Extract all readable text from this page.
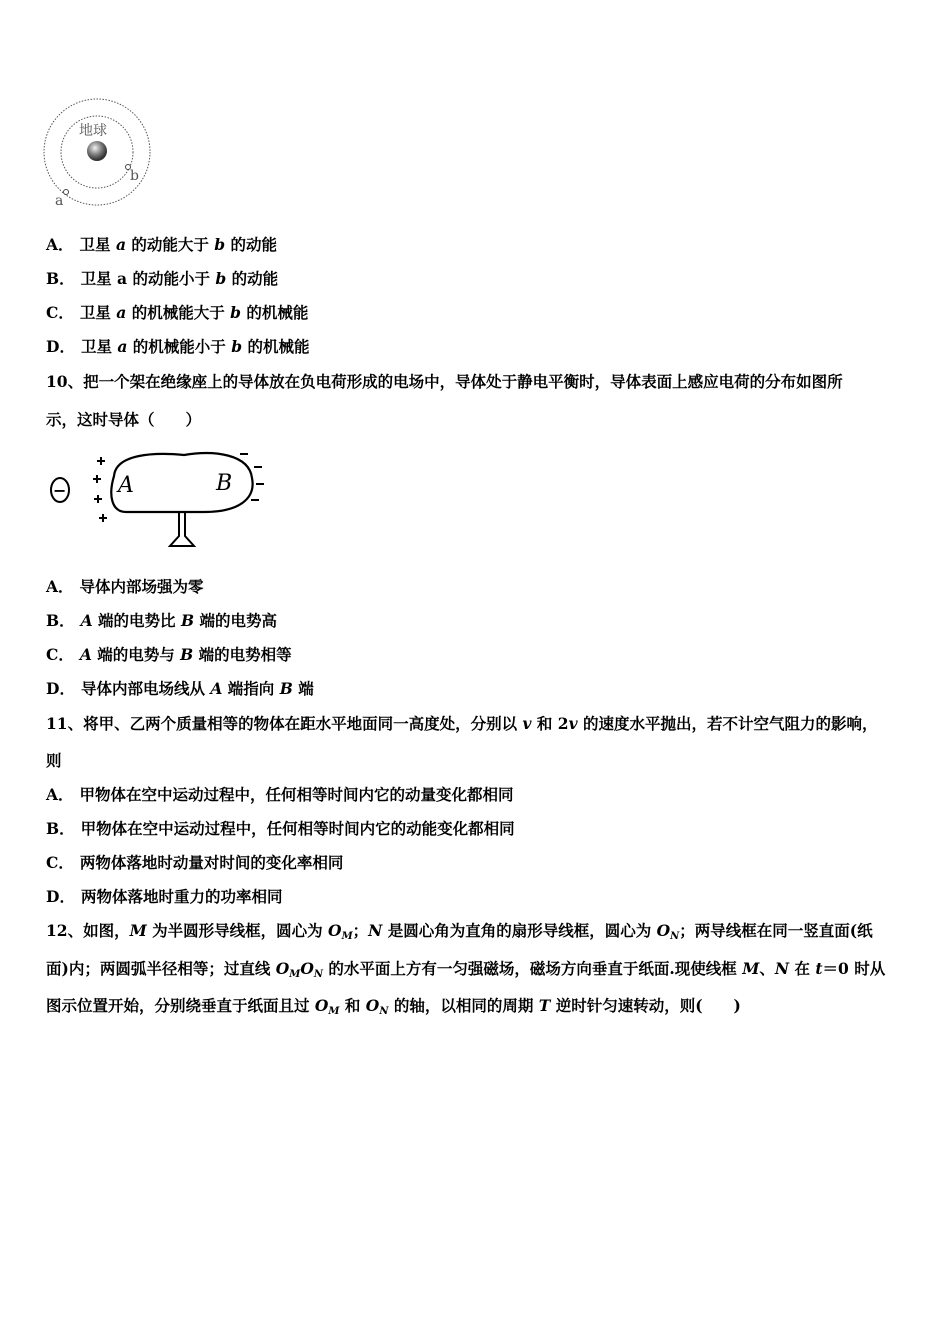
地球
b
a
A． 卫星 a 的动能大于 b 的动能
B． 卫星 a 的动能小于 b 的动能
C． 卫星 a 的机械能大于 b 的机械能
D． 卫星 a 的机械能小于 b 的机械能
10、把一个架在绝缘座上的导体放在负电荷形成的电场中，导体处于静电平衡时，导体表面上感应电荷的分布如图所
示，这时导体（　　）
− A	B
A． 导体内部场强为零
B． A 端的电势比 B 端的电势高
C． A 端的电势与 B 端的电势相等
D． 导体内部电场线从 A 端指向 B 端
11、将甲、乙两个质量相等的物体在距水平地面同一高度处，分别以 v 和 2v 的速度水平抛出，若不计空气阻力的影响，
则
A． 甲物体在空中运动过程中，任何相等时间内它的动量变化都相同
B． 甲物体在空中运动过程中，任何相等时间内它的动能变化都相同
C． 两物体落地时动量对时间的变化率相同
D． 两物体落地时重力的功率相同
12、如图，M 为半圆形导线框，圆心为 $O_M$；N 是圆心角为直角的扇形导线框，圆心为 $O_N$；两导线框在同一竖直面(纸
面)内；两圆弧半径相等；过直线 $O_MO_N$ 的水平面上方有一匀强磁场，磁场方向垂直于纸面.现使线框 M、N 在 t＝0 时从
图示位置开始，分别绕垂直于纸面且过 $O_M$ 和 $O_N$ 的轴，以相同的周期 T 逆时针匀速转动，则(　　)
